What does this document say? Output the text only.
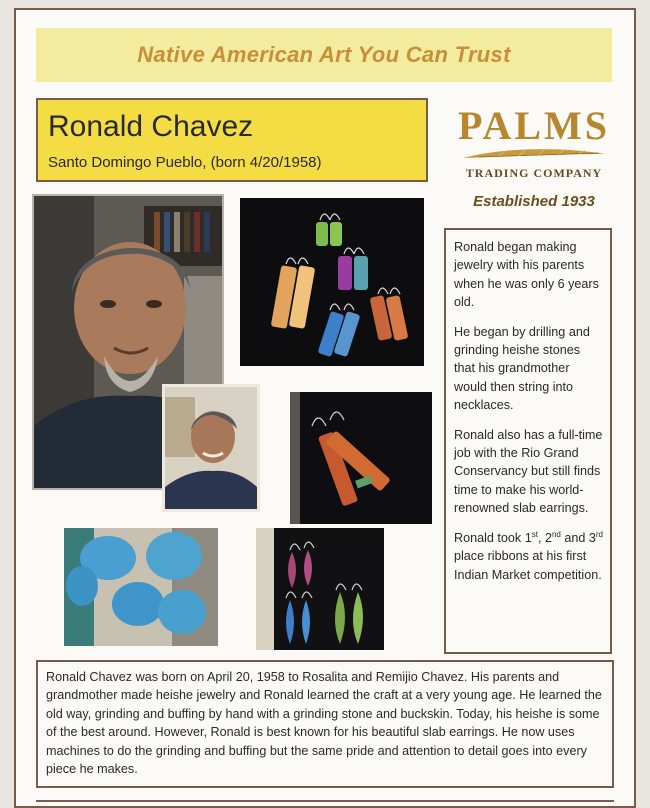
Native American Art You Can Trust
Ronald Chavez
Santo Domingo Pueblo, (born 4/20/1958)
PALMS
TRADING COMPANY
Established 1933

Ronald began making jewelry with his parents when he was only 6 years old.

He began by drilling and grinding heishe stones that his grandmother would then string into necklaces.

Ronald also has a full-time job with the Rio Grand Conservancy but still finds time to make his world-renowned slab earrings.

Ronald took 1st, 2nd and 3rd place ribbons at his first Indian Market competition.

Ronald Chavez was born on April 20, 1958 to Rosalita and Remijio Chavez. His parents and grandmother made heishe jewelry and Ronald learned the craft at a very young age. He learned the old way, grinding and buffing by hand with a grinding stone and buckskin. Today, his heishe is some of the best around. However, Ronald is best known for his beautiful slab earrings. He now uses machines to do the grinding and buffing but the same pride and attention to detail goes into every piece he makes.
